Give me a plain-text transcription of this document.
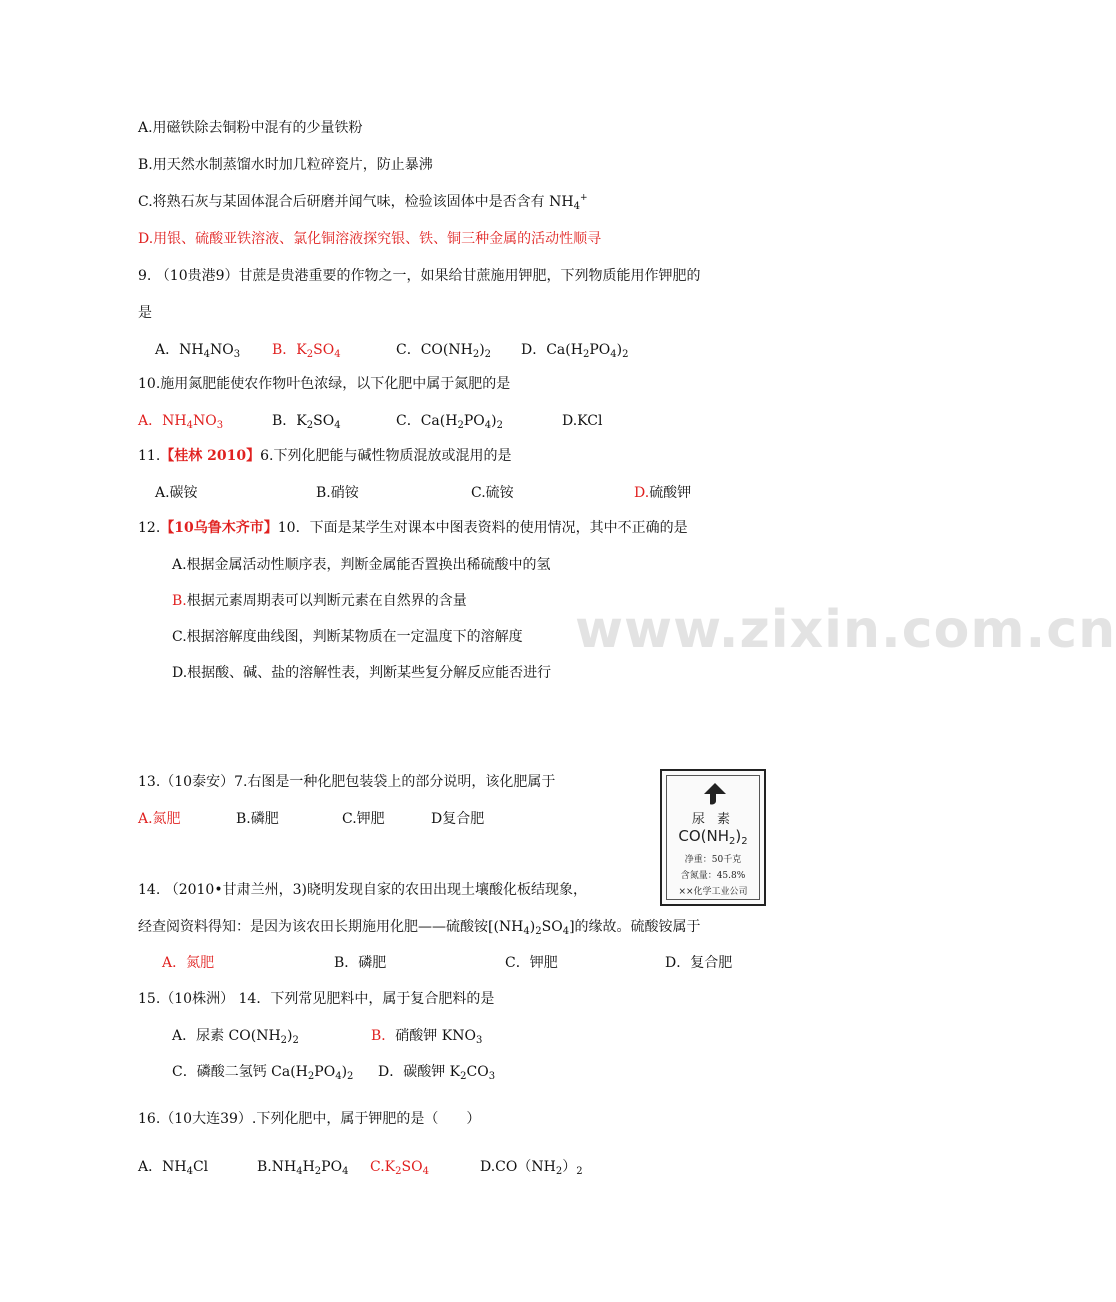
www.zixin.com.cn
A.用磁铁除去铜粉中混有的少量铁粉
B.用天然水制蒸馏水时加几粒碎瓷片，防止暴沸
C.将熟石灰与某固体混合后研磨并闻气味，检验该固体中是否含有 $NH_4^+$
D.用银、硫酸亚铁溶液、氯化铜溶液探究银、铁、铜三种金属的活动性顺寻
9. （10贵港9）甘蔗是贵港重要的作物之一，如果给甘蔗施用钾肥，下列物质能用作钾肥的
是
A．$NH_4NO_3$ B．$K_2SO_4$	C．$CO(NH_2)_2$ D．$Ca(H_2PO_4)_2$
10.施用氮肥能使农作物叶色浓绿，以下化肥中属于氮肥的是
A．$NH_4NO_3$	B．$K_2SO_4$	C．$Ca(H_2PO_4)_2$	D.KCl
11.【桂林 2010】6.下列化肥能与碱性物质混放或混用的是
A.碳铵	B.硝铵	C.硫铵	D.硫酸钾
12.【10乌鲁木齐市】10．下面是某学生对课本中图表资料的使用情况，其中不正确的是
A.根据金属活动性顺序表，判断金属能否置换出稀硫酸中的氢
B.根据元素周期表可以判断元素在自然界的含量
C.根据溶解度曲线图，判断某物质在一定温度下的溶解度
D.根据酸、碱、盐的溶解性表，判断某些复分解反应能否进行
13.（10泰安）7.右图是一种化肥包装袋上的部分说明，该化肥属于
A.氮肥	B.磷肥	C.钾肥	D复合肥	尿 素
$CO(NH_2)_2$
净重：50千克
含氮量：45.8%
××化学工业公司
14. （2010•甘肃兰州，3)晓明发现自家的农田出现土壤酸化板结现象，
经查阅资料得知：是因为该农田长期施用化肥——硫酸铵$[(NH_4)_2SO_4]$的缘故。硫酸铵属于
A．氮肥	B．磷肥	C．钾肥	D．复合肥
15.（10株洲） 14．下列常见肥料中，属于复合肥料的是
A．尿素 $CO(NH_2)_2$	B．硝酸钾 $KNO_3$
C．磷酸二氢钙 $Ca(H_2PO_4)_2$ D．碳酸钾 $K_2CO_3$
16.（10大连39）.下列化肥中，属于钾肥的是（　　）
A．$NH_4Cl$	$B.NH_4H_2PO_4$ $C.K_2SO_4$	$D.CO(NH_2)_2$
